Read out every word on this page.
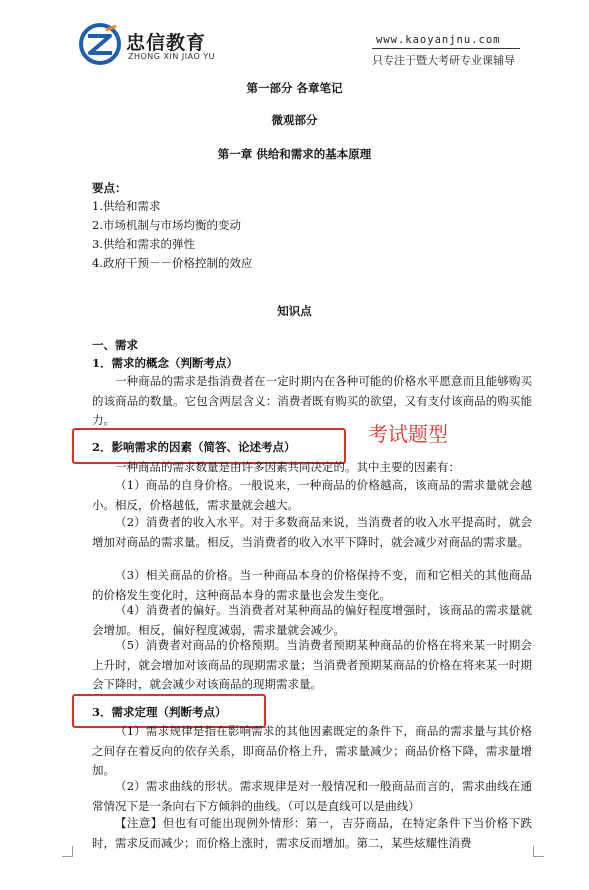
忠信教育
ZHONG XIN JIAO YU
www.kaoyanjnu.com
只专注于暨大考研专业课辅导
第一部分 各章笔记
微观部分
第一章 供给和需求的基本原理
要点：
1.供给和需求
2.市场机制与市场均衡的变动
3.供给和需求的弹性
4.政府干预－－价格控制的效应
知识点
一、需求
1．需求的概念（判断考点）
一种商品的需求是指消费者在一定时期内在各种可能的价格水平愿意而且能够购买的该商品的数量。它包含两层含义：消费者既有购买的欲望，又有支付该商品的购买能力。
2．影响需求的因素（简答、论述考点）
考试题型
一种商品的需求数量是由许多因素共同决定的。其中主要的因素有：
（1）商品的自身价格。一般说来，一种商品的价格越高，该商品的需求量就会越小。相反，价格越低，需求量就会越大。
（2）消费者的收入水平。对于多数商品来说，当消费者的收入水平提高时，就会增加对商品的需求量。相反，当消费者的收入水平下降时，就会减少对商品的需求量。
（3）相关商品的价格。当一种商品本身的价格保持不变，而和它相关的其他商品的价格发生变化时，这种商品本身的需求量也会发生变化。
（4）消费者的偏好。当消费者对某种商品的偏好程度增强时，该商品的需求量就会增加。相反，偏好程度减弱，需求量就会减少。
（5）消费者对商品的价格预期。当消费者预期某种商品的价格在将来某一时期会上升时，就会增加对该商品的现期需求量；当消费者预期某商品的价格在将来某一时期会下降时，就会减少对该商品的现期需求量。
3．需求定理（判断考点）
（1）需求规律是指在影响需求的其他因素既定的条件下，商品的需求量与其价格之间存在着反向的依存关系，即商品价格上升，需求量减少；商品价格下降，需求量增加。
（2）需求曲线的形状。需求规律是对一般情况和一般商品而言的，需求曲线在通常情况下是一条向右下方倾斜的曲线。（可以是直线可以是曲线）
【注意】但也有可能出现例外情形：第一，吉芬商品，在特定条件下当价格下跌时，需求反而减少；而价格上涨时，需求反而增加。第二，某些炫耀性消费
